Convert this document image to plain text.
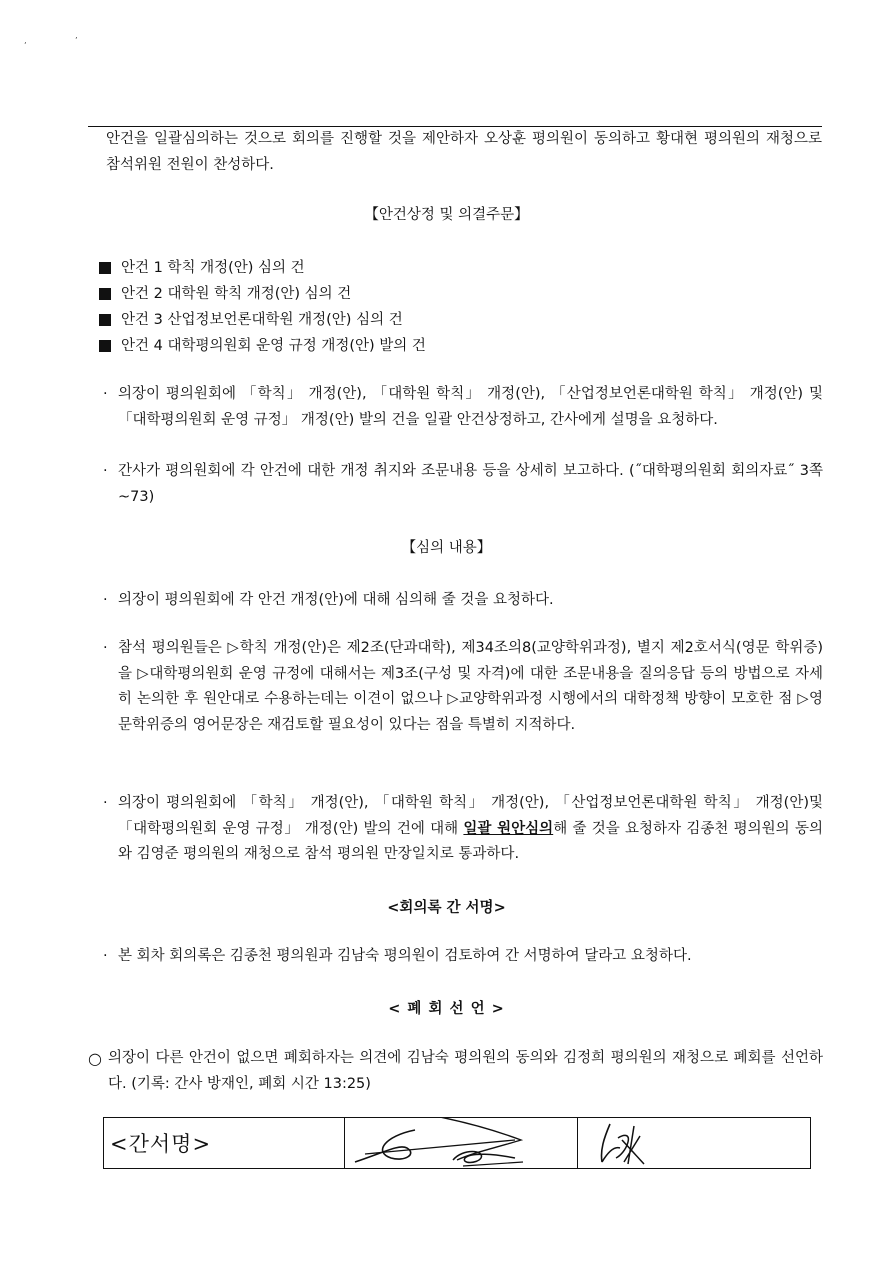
‚	’
안건을 일괄심의하는 것으로 회의를 진행할 것을 제안하자 오상훈 평의원이 동의하고 황대현 평의원의 재청으로 참석위원 전원이 찬성하다.
【안건상정 및 의결주문】
안건 1 학칙 개정(안) 심의 건
안건 2 대학원 학칙 개정(안) 심의 건
안건 3 산업정보언론대학원 개정(안) 심의 건
안건 4 대학평의원회 운영 규정 개정(안) 발의 건
· 의장이 평의원회에 「학칙」 개정(안), 「대학원 학칙」 개정(안), 「산업정보언론대학원 학칙」 개정(안) 및 「대학평의원회 운영 규정」 개정(안) 발의 건을 일괄 안건상정하고, 간사에게 설명을 요청하다.
· 간사가 평의원회에 각 안건에 대한 개정 취지와 조문내용 등을 상세히 보고하다. (˝대학평의원회 회의자료˝ 3쪽~73)
【심의 내용】
· 의장이 평의원회에 각 안건 개정(안)에 대해 심의해 줄 것을 요청하다.
· 참석 평의원들은 ▷학칙 개정(안)은 제2조(단과대학), 제34조의8(교양학위과정), 별지 제2호서식(영문 학위증)을 ▷대학평의원회 운영 규정에 대해서는 제3조(구성 및 자격)에 대한 조문내용을 질의응답 등의 방법으로 자세히 논의한 후 원안대로 수용하는데는 이견이 없으나 ▷교양학위과정 시행에서의 대학정책 방향이 모호한 점 ▷영문학위증의 영어문장은 재검토할 필요성이 있다는 점을 특별히 지적하다.
· 의장이 평의원회에 「학칙」 개정(안), 「대학원 학칙」 개정(안), 「산업정보언론대학원 학칙」 개정(안)및 「대학평의원회 운영 규정」 개정(안) 발의 건에 대해 일괄 원안심의해 줄 것을 요청하자 김종천 평의원의 동의와 김영준 평의원의 재청으로 참석 평의원 만장일치로 통과하다.
<회의록 간 서명>
· 본 회차 회의록은 김종천 평의원과 김남숙 평의원이 검토하여 간 서명하여 달라고 요청하다.
< 폐 회 선 언 >
○ 의장이 다른 안건이 없으면 폐회하자는 의견에 김남숙 평의원의 동의와 김정희 평의원의 재청으로 폐회를 선언하다. (기록: 간사 방재인, 폐회 시간 13:25)
<간서명>	
